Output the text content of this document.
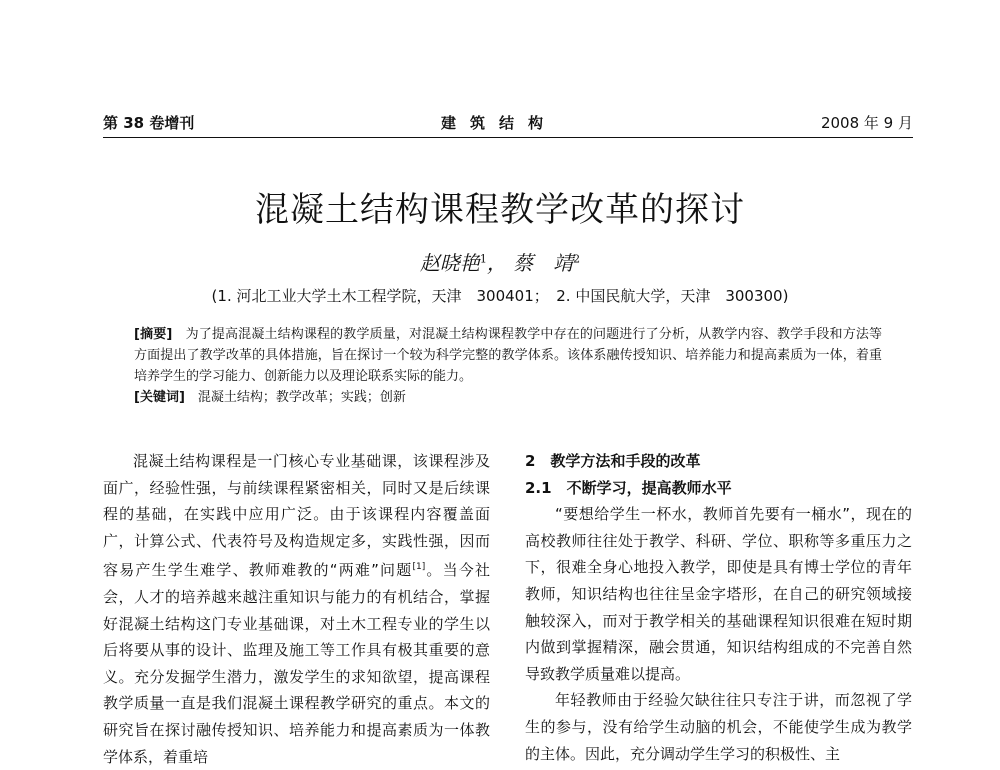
第 38 卷增刊	建筑结构	2008 年 9 月
混凝土结构课程教学改革的探讨
赵晓艳$^1$， 蔡　靖$^2$
(1. 河北工业大学土木工程学院，天津　300401；　2. 中国民航大学，天津　300300)

[摘要]　 为了提高混凝土结构课程的教学质量，对混凝土结构课程教学中存在的问题进行了分析，从教学内容、教学手段和方法等方面提出了教学改革的具体措施，旨在探讨一个较为科学完整的教学体系。该体系融传授知识、培养能力和提高素质为一体，着重培养学生的学习能力、创新能力以及理论联系实际的能力。

[关键词]　 混凝土结构；教学改革；实践；创新

混凝土结构课程是一门核心专业基础课，该课程涉及面广，经验性强，与前续课程紧密相关，同时又是后续课程的基础，在实践中应用广泛。由于该课程内容覆盖面广，计算公式、代表符号及构造规定多，实践性强，因而容易产生学生难学、教师难教的“两难”问题[1]。当今社会，人才的培养越来越注重知识与能力的有机结合，掌握好混凝土结构这门专业基础课，对土木工程专业的学生以后将要从事的设计、监理及施工等工作具有极其重要的意义。充分发掘学生潜力，激发学生的求知欲望，提高课程教学质量一直是我们混凝土课程教学研究的重点。本文的研究旨在探讨融传授知识、培养能力和提高素质为一体教学体系，着重培

2　教学方法和手段的改革

2.1　不断学习，提高教师水平

“要想给学生一杯水，教师首先要有一桶水”，现在的高校教师往往处于教学、科研、学位、职称等多重压力之下，很难全身心地投入教学，即使是具有博士学位的青年教师，知识结构也往往呈金字塔形，在自己的研究领域接触较深入，而对于教学相关的基础课程知识很难在短时期内做到掌握精深，融会贯通，知识结构组成的不完善自然导致教学质量难以提高。

年轻教师由于经验欠缺往往只专注于讲，而忽视了学生的参与，没有给学生动脑的机会，不能使学生成为教学的主体。因此，充分调动学生学习的积极性、主
